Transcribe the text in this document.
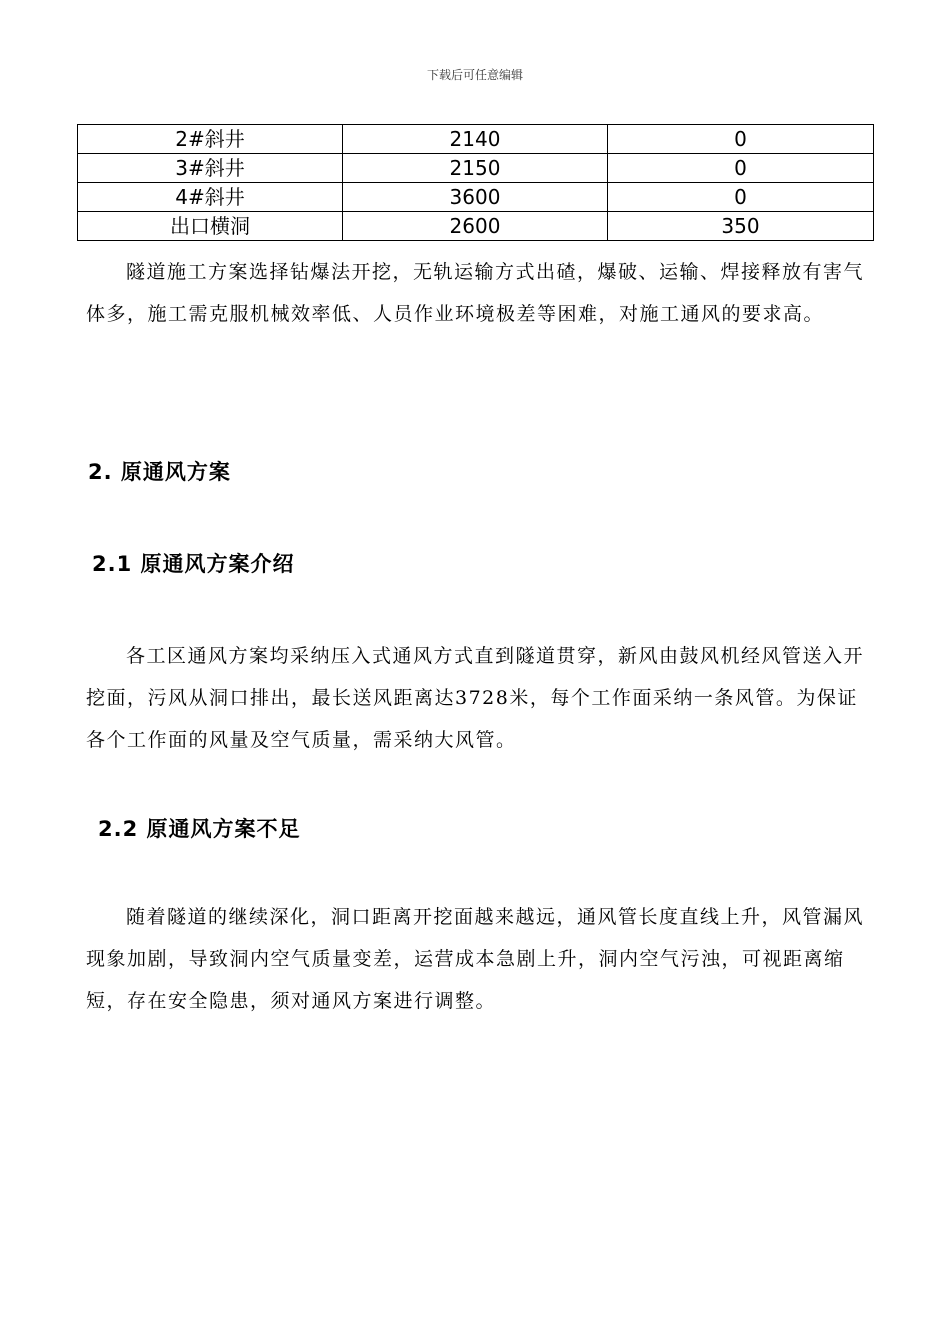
下载后可任意编辑
2#斜井	2140	0
3#斜井	2150	0
4#斜井	3600	0
出口横洞	2600	350

隧道施工方案选择钻爆法开挖，无轨运输方式出碴，爆破、运输、焊接释放有害气体多，施工需克服机械效率低、人员作业环境极差等困难，对施工通风的要求高。

2. 原通风方案
2.1 原通风方案介绍

各工区通风方案均采纳压入式通风方式直到隧道贯穿，新风由鼓风机经风管送入开挖面，污风从洞口排出，最长送风距离达3728米，每个工作面采纳一条风管。为保证各个工作面的风量及空气质量，需采纳大风管。

2.2 原通风方案不足

随着隧道的继续深化，洞口距离开挖面越来越远，通风管长度直线上升，风管漏风现象加剧，导致洞内空气质量变差，运营成本急剧上升，洞内空气污浊，可视距离缩短，存在安全隐患，须对通风方案进行调整。
